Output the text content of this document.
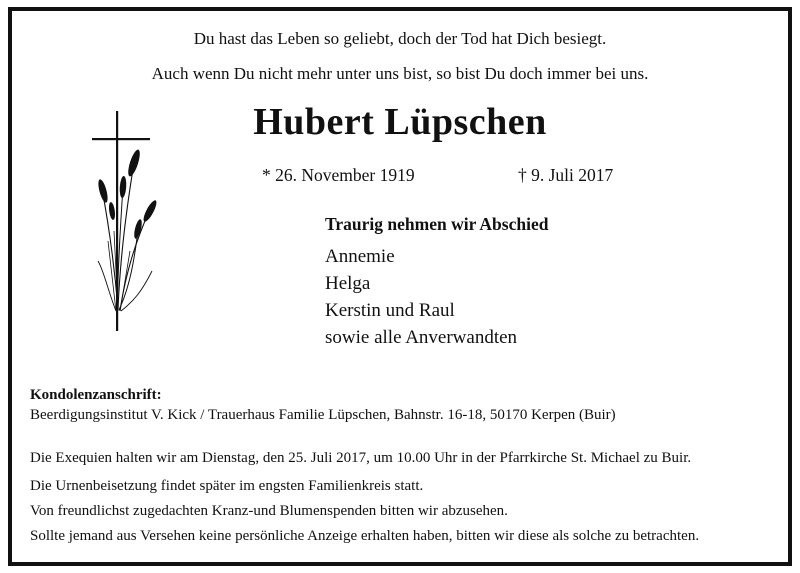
Du hast das Leben so geliebt, doch der Tod hat Dich besiegt.
Auch wenn Du nicht mehr unter uns bist, so bist Du doch immer bei uns.
Hubert Lüpschen
* 26. November 1919	† 9. Juli 2017
Traurig nehmen wir Abschied
Annemie
Helga
Kerstin und Raul
sowie alle Anverwandten
Kondolenzanschrift:
Beerdigungsinstitut V. Kick / Trauerhaus Familie Lüpschen, Bahnstr. 16-18, 50170 Kerpen (Buir)
Die Exequien halten wir am Dienstag, den 25. Juli 2017, um 10.00 Uhr in der Pfarrkirche St. Michael zu Buir.
Die Urnenbeisetzung findet später im engsten Familienkreis statt.
Von freundlichst zugedachten Kranz-und Blumenspenden bitten wir abzusehen.
Sollte jemand aus Versehen keine persönliche Anzeige erhalten haben, bitten wir diese als solche zu betrachten.
